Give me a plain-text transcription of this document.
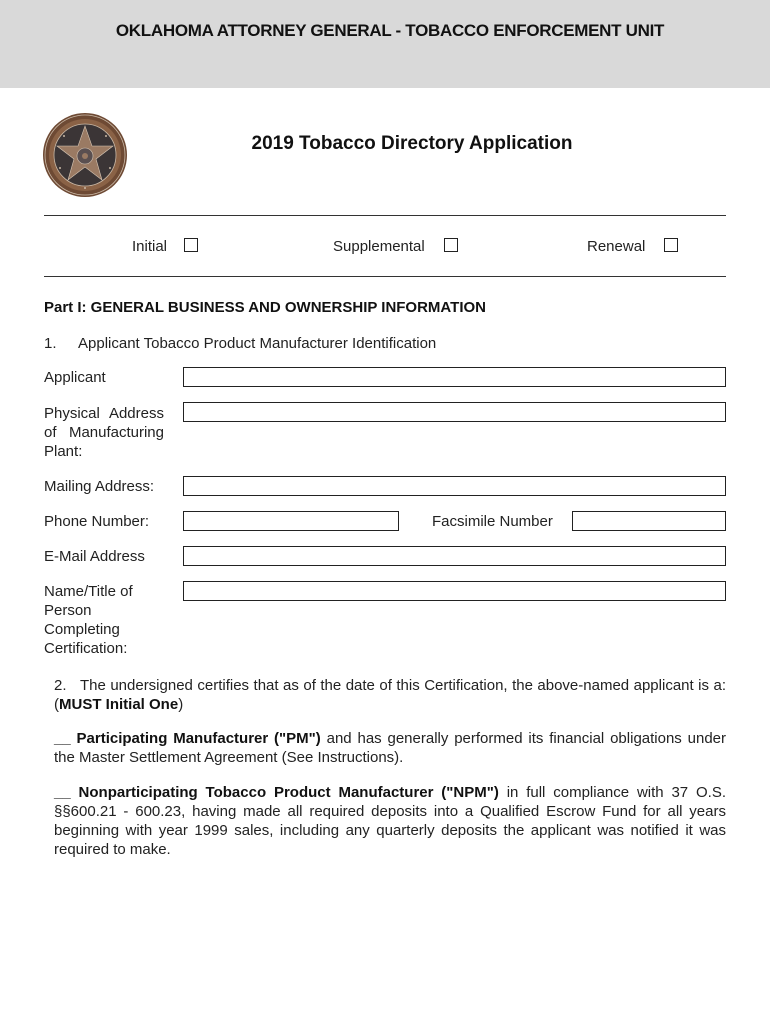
OKLAHOMA ATTORNEY GENERAL - TOBACCO ENFORCEMENT UNIT
2019 Tobacco Directory Application
Initial	Supplemental	Renewal
Part I: GENERAL BUSINESS AND OWNERSHIP INFORMATION
1. Applicant Tobacco Product Manufacturer Identification
Applicant
Physical Address of Manufacturing Plant:
Mailing Address:
Phone Number:	Facsimile Number
E-Mail Address
Name/Title of Person Completing Certification:
2. The undersigned certifies that as of the date of this Certification, the above-named applicant is a: (MUST Initial One)
__ Participating Manufacturer ("PM") and has generally performed its financial obligations under the Master Settlement Agreement (See Instructions).
__ Nonparticipating Tobacco Product Manufacturer ("NPM") in full compliance with 37 O.S. §§600.21 - 600.23, having made all required deposits into a Qualified Escrow Fund for all years beginning with year 1999 sales, including any quarterly deposits the applicant was notified it was required to make.
